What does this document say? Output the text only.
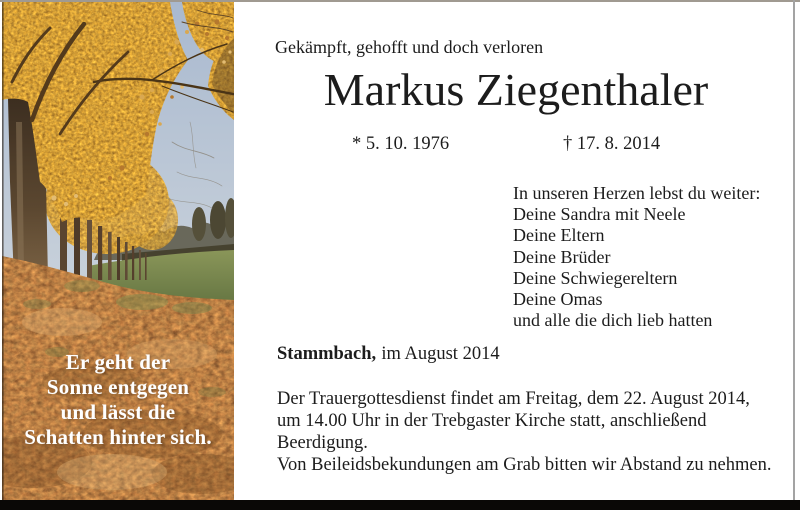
Er geht der
Sonne entgegen
und lässt die
Schatten hinter sich.
Gekämpft, gehofft und doch verloren
Markus Ziegenthaler
* 5. 10. 1976	† 17. 8. 2014
In unseren Herzen lebst du weiter:
Deine Sandra mit Neele
Deine Eltern
Deine Brüder
Deine Schwiegereltern
Deine Omas
und alle die dich lieb hatten
Stammbach, im August 2014
Der Trauergottesdienst findet am Freitag, dem 22. August 2014,
um 14.00 Uhr in der Trebgaster Kirche statt, anschließend
Beerdigung.
Von Beileidsbekundungen am Grab bitten wir Abstand zu nehmen.
